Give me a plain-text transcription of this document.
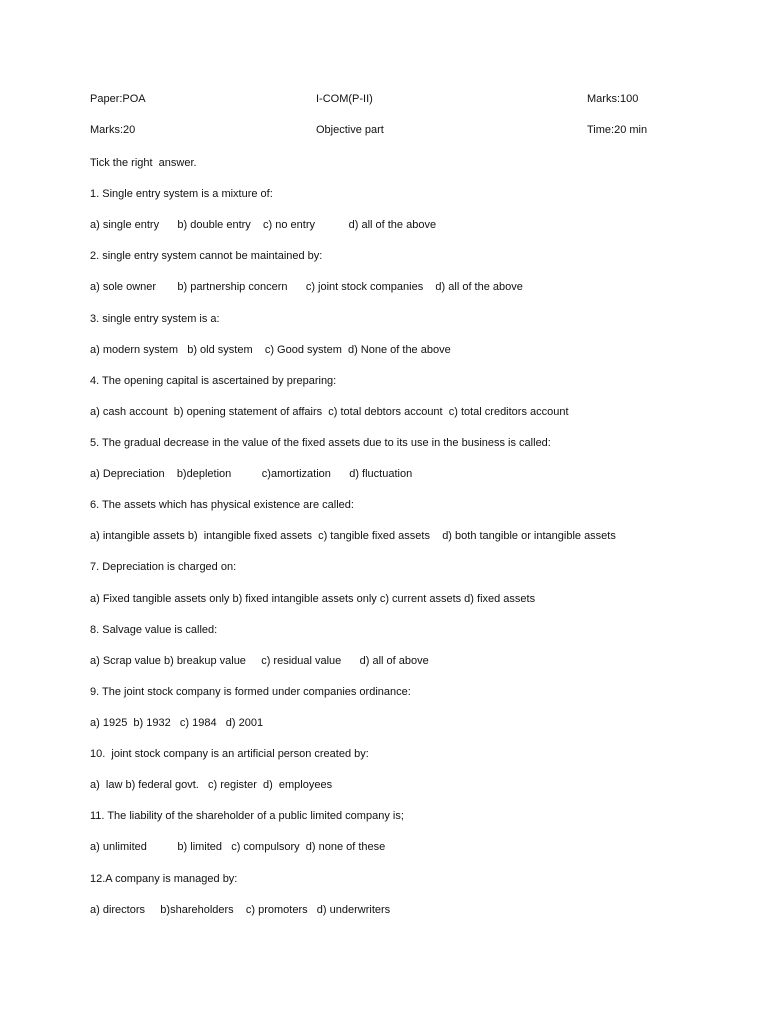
Paper:POA	I-COM(P-II)	Marks:100
Marks:20	Objective part	Time:20 min
Tick the right  answer.
1. Single entry system is a mixture of:
a) single entry      b) double entry    c) no entry           d) all of the above
2. single entry system cannot be maintained by:
a) sole owner       b) partnership concern      c) joint stock companies    d) all of the above
3. single entry system is a:
a) modern system   b) old system    c) Good system  d) None of the above
4. The opening capital is ascertained by preparing:
a) cash account  b) opening statement of affairs  c) total debtors account  c) total creditors account
5. The gradual decrease in the value of the fixed assets due to its use in the business is called:
a) Depreciation    b)depletion          c)amortization      d) fluctuation
6. The assets which has physical existence are called:
a) intangible assets b)  intangible fixed assets  c) tangible fixed assets    d) both tangible or intangible assets
7. Depreciation is charged on:
a) Fixed tangible assets only b) fixed intangible assets only c) current assets d) fixed assets
8. Salvage value is called:
a) Scrap value b) breakup value     c) residual value      d) all of above
9. The joint stock company is formed under companies ordinance:
a) 1925  b) 1932   c) 1984   d) 2001
10.  joint stock company is an artificial person created by:
a)  law b) federal govt.   c) register  d)  employees
11. The liability of the shareholder of a public limited company is;
a) unlimited          b) limited   c) compulsory  d) none of these
12.A company is managed by:
a) directors     b)shareholders    c) promoters   d) underwriters
